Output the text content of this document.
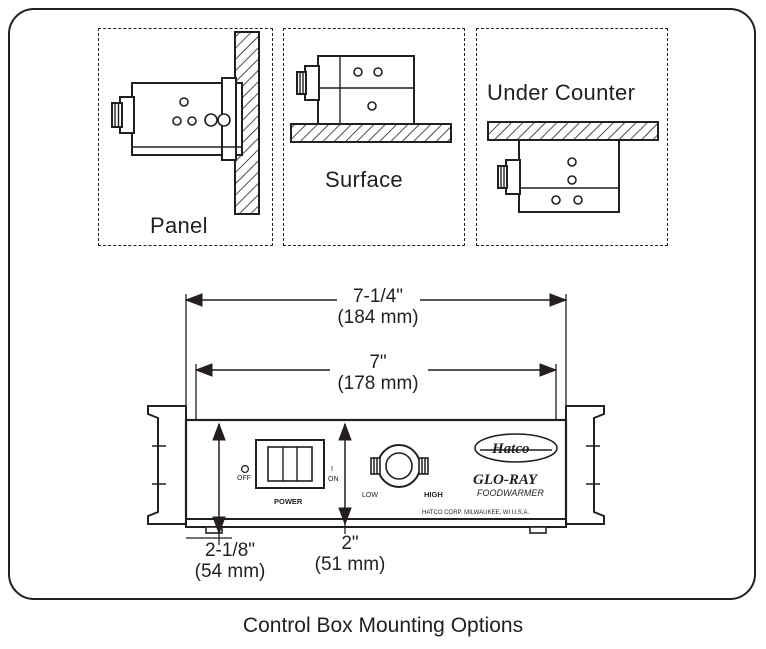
Panel
Surface
Under Counter
7-1/4"
(184 mm)
7"
(178 mm)
2-1/8"
(54 mm)
2"
(51 mm)
Control Box Mounting Options
OFF
I
ON
POWER
LOW	HIGH
Hatco
GLO-RAY
FOODWARMER
HATCO CORP. MILWAUKEE, WI U.S.A.
